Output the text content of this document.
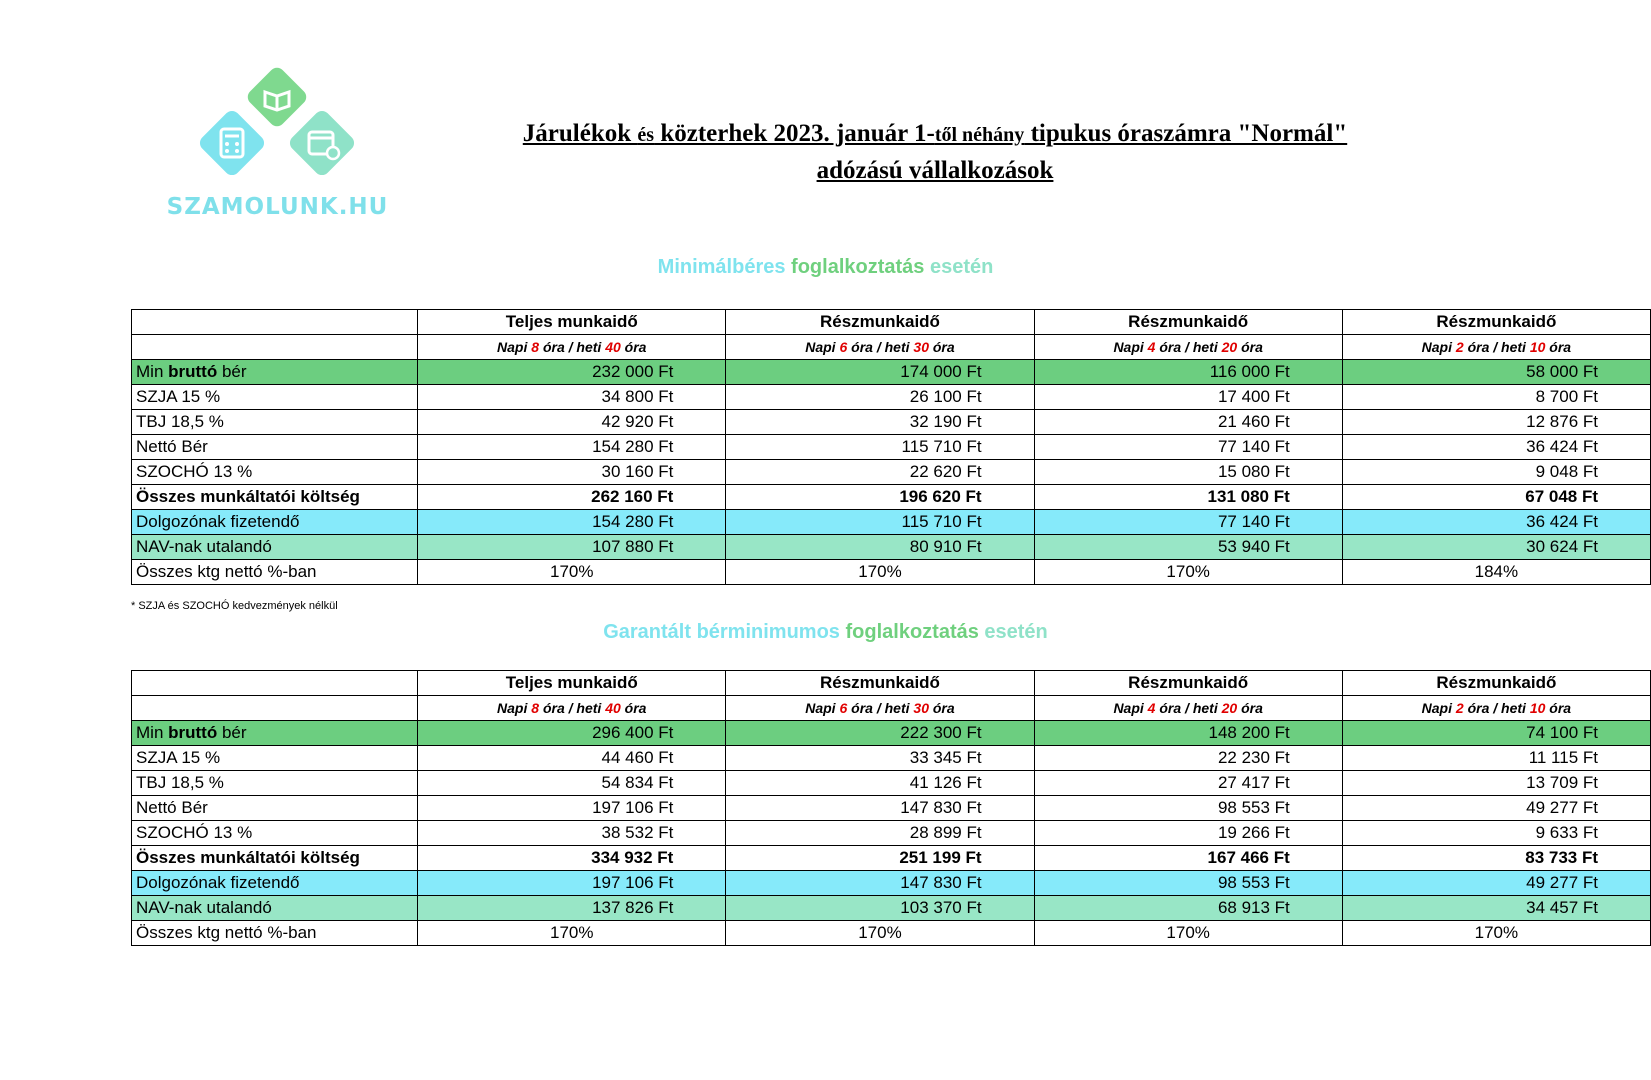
SZAMOLUNK.HU
Járulékok és közterhek 2023. január 1-től néhány tipukus óraszámra "Normál"
adózású vállalkozások
Minimálbéres foglalkoztatás esetén
	Teljes munkaidő	Részmunkaidő	Részmunkaidő	Részmunkaidő
	Napi 8 óra / heti 40 óra	Napi 6 óra / heti 30 óra	Napi 4 óra / heti 20 óra	Napi 2 óra / heti 10 óra
Min bruttó bér	232 000 Ft	174 000 Ft	116 000 Ft	58 000 Ft
SZJA 15 %	34 800 Ft	26 100 Ft	17 400 Ft	8 700 Ft
TBJ 18,5 %	42 920 Ft	32 190 Ft	21 460 Ft	12 876 Ft
Nettó Bér	154 280 Ft	115 710 Ft	77 140 Ft	36 424 Ft
SZOCHÓ 13 %	30 160 Ft	22 620 Ft	15 080 Ft	9 048 Ft
Összes munkáltatói költség	262 160 Ft	196 620 Ft	131 080 Ft	67 048 Ft
Dolgozónak fizetendő	154 280 Ft	115 710 Ft	77 140 Ft	36 424 Ft
NAV-nak utalandó	107 880 Ft	80 910 Ft	53 940 Ft	30 624 Ft
Összes ktg nettó %-ban	170%	170%	170%	184%
* SZJA és SZOCHÓ kedvezmények nélkül
Garantált bérminimumos foglalkoztatás esetén
	Teljes munkaidő	Részmunkaidő	Részmunkaidő	Részmunkaidő
	Napi 8 óra / heti 40 óra	Napi 6 óra / heti 30 óra	Napi 4 óra / heti 20 óra	Napi 2 óra / heti 10 óra
Min bruttó bér	296 400 Ft	222 300 Ft	148 200 Ft	74 100 Ft
SZJA 15 %	44 460 Ft	33 345 Ft	22 230 Ft	11 115 Ft
TBJ 18,5 %	54 834 Ft	41 126 Ft	27 417 Ft	13 709 Ft
Nettó Bér	197 106 Ft	147 830 Ft	98 553 Ft	49 277 Ft
SZOCHÓ 13 %	38 532 Ft	28 899 Ft	19 266 Ft	9 633 Ft
Összes munkáltatói költség	334 932 Ft	251 199 Ft	167 466 Ft	83 733 Ft
Dolgozónak fizetendő	197 106 Ft	147 830 Ft	98 553 Ft	49 277 Ft
NAV-nak utalandó	137 826 Ft	103 370 Ft	68 913 Ft	34 457 Ft
Összes ktg nettó %-ban	170%	170%	170%	170%
